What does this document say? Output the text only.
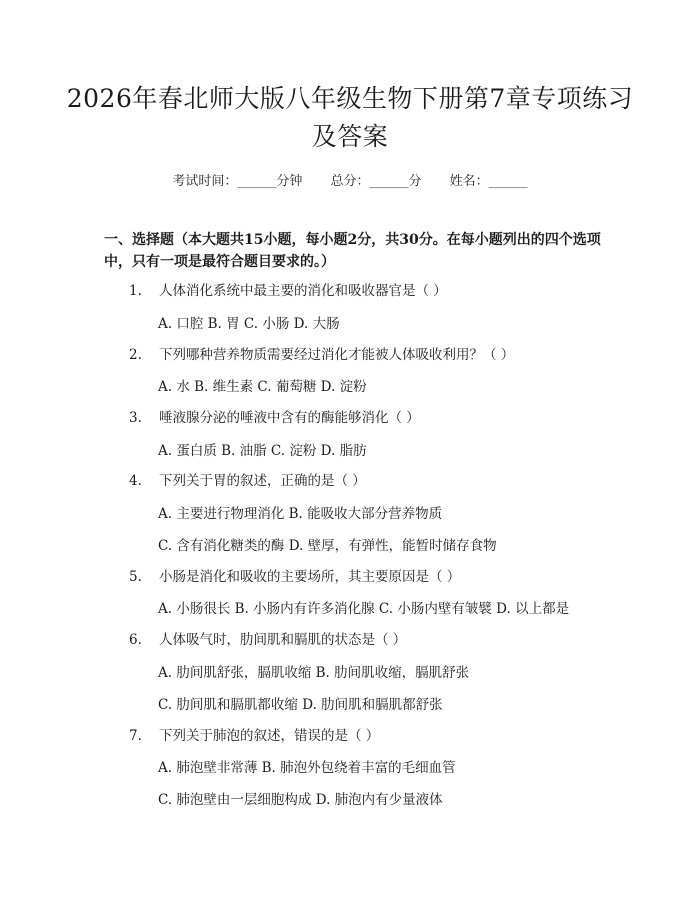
2026年春北师大版八年级生物下册第7章专项练习及答案
考试时间：______分钟 总分：______分 姓名：______
一、选择题（本大题共15小题，每小题2分，共30分。在每小题列出的四个选项中，只有一项是最符合题目要求的。）
1. 人体消化系统中最主要的消化和吸收器官是（ ）
A. 口腔 B. 胃 C. 小肠 D. 大肠
2. 下列哪种营养物质需要经过消化才能被人体吸收利用？（ ）
A. 水 B. 维生素 C. 葡萄糖 D. 淀粉
3. 唾液腺分泌的唾液中含有的酶能够消化（ ）
A. 蛋白质 B. 油脂 C. 淀粉 D. 脂肪
4. 下列关于胃的叙述，正确的是（ ）
A. 主要进行物理消化 B. 能吸收大部分营养物质
C. 含有消化糖类的酶 D. 壁厚，有弹性，能暂时储存食物
5. 小肠是消化和吸收的主要场所，其主要原因是（ ）
A. 小肠很长 B. 小肠内有许多消化腺 C. 小肠内壁有皱襞 D. 以上都是
6. 人体吸气时，肋间肌和膈肌的状态是（ ）
A. 肋间肌舒张，膈肌收缩 B. 肋间肌收缩，膈肌舒张
C. 肋间肌和膈肌都收缩 D. 肋间肌和膈肌都舒张
7. 下列关于肺泡的叙述，错误的是（ ）
A. 肺泡壁非常薄 B. 肺泡外包绕着丰富的毛细血管
C. 肺泡壁由一层细胞构成 D. 肺泡内有少量液体
